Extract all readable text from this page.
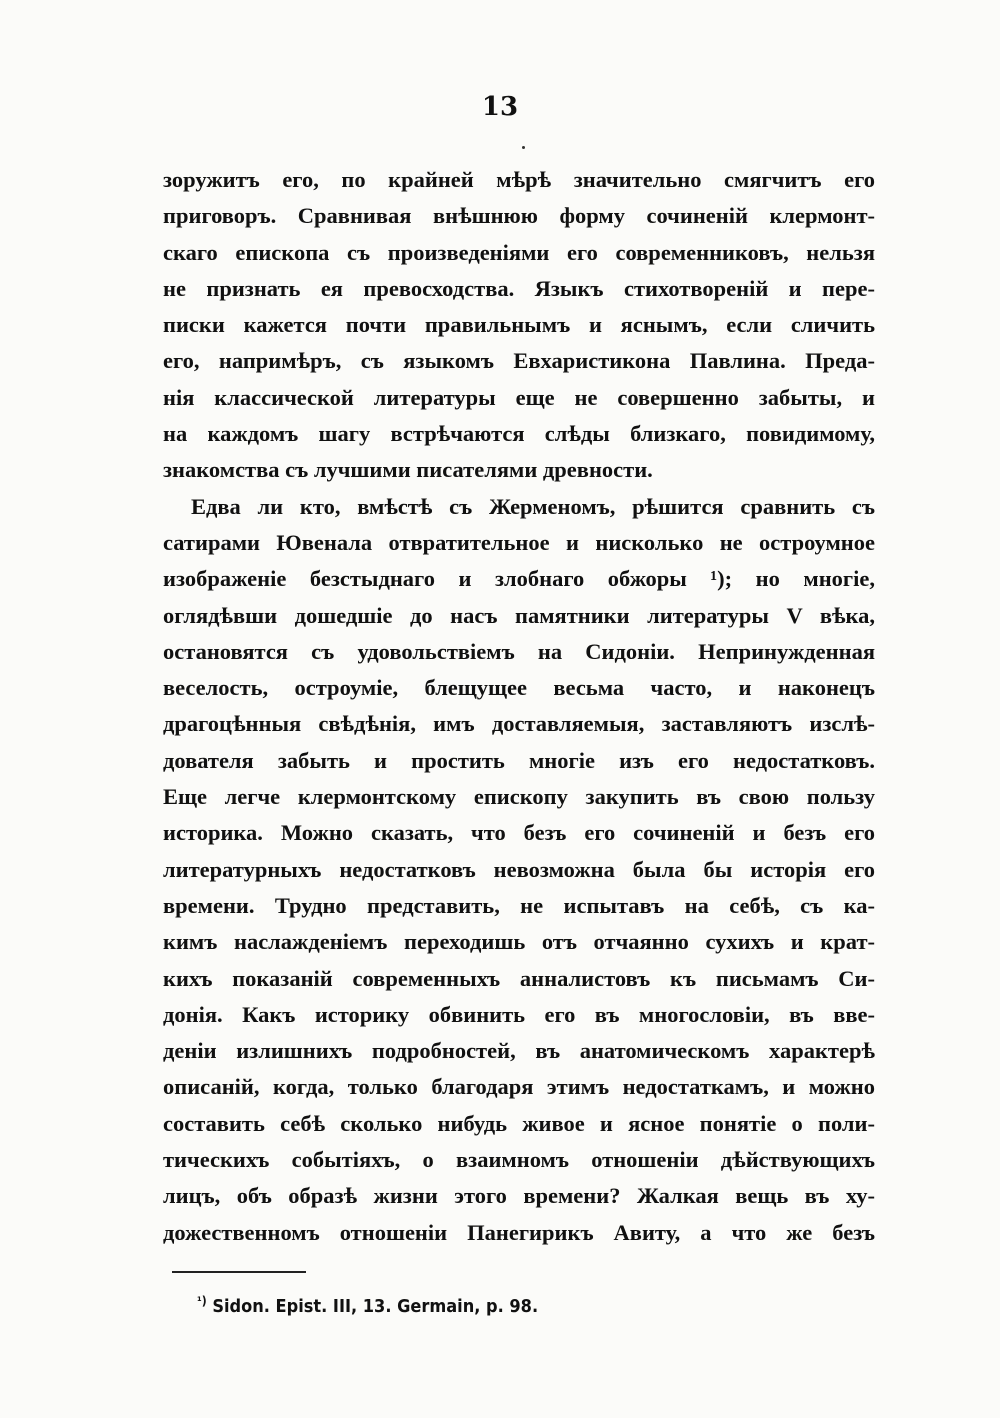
13
зоружитъ его, по крайней мѣрѣ значительно смягчитъ его
приговоръ. Сравнивая внѣшнюю форму сочиненій клермонт-
скаго епископа съ произведеніями его современниковъ, нельзя
не признать ея превосходства. Языкъ стихотвореній и пере-
писки кажется почти правильнымъ и яснымъ, если сличить
его, напримѣръ, съ языкомъ Евхаристикона Павлина. Преда-
нія классической литературы еще не совершенно забыты, и
на каждомъ шагу встрѣчаются слѣды близкаго, повидимому,
знакомства съ лучшими писателями древности.
Едва ли кто, вмѣстѣ съ Жерменомъ, рѣшится сравнить съ
сатирами Ювенала отвратительное и нисколько не остроумное
изображеніе безстыднаго и злобнаго обжоры ¹); но многіе,
оглядѣвши дошедшіе до насъ памятники литературы V вѣка,
остановятся съ удовольствіемъ на Сидоніи. Непринужденная
веселость, остроуміе, блещущее весьма часто, и наконецъ
драгоцѣнныя свѣдѣнія, имъ доставляемыя, заставляютъ изслѣ-
дователя забыть и простить многіе изъ его недостатковъ.
Еще легче клермонтскому епископу закупить въ свою пользу
историка. Можно сказать, что безъ его сочиненій и безъ его
литературныхъ недостатковъ невозможна была бы исторія его
времени. Трудно представить, не испытавъ на себѣ, съ ка-
кимъ наслажденіемъ переходишь отъ отчаянно сухихъ и крат-
кихъ показаній современныхъ анналистовъ къ письмамъ Си-
донія. Какъ историку обвинить его въ многословіи, въ вве-
деніи излишнихъ подробностей, въ анатомическомъ характерѣ
описаній, когда, только благодаря этимъ недостаткамъ, и можно
составить себѣ сколько нибудь живое и ясное понятіе о поли-
тическихъ событіяхъ, о взаимномъ отношеніи дѣйствующихъ
лицъ, объ образѣ жизни этого времени? Жалкая вещь въ ху-
дожественномъ отношеніи Панегирикъ Авиту, а что же безъ
$^{^1)}$ Sidon. Epist. III, 13. Germain, p. 98.
